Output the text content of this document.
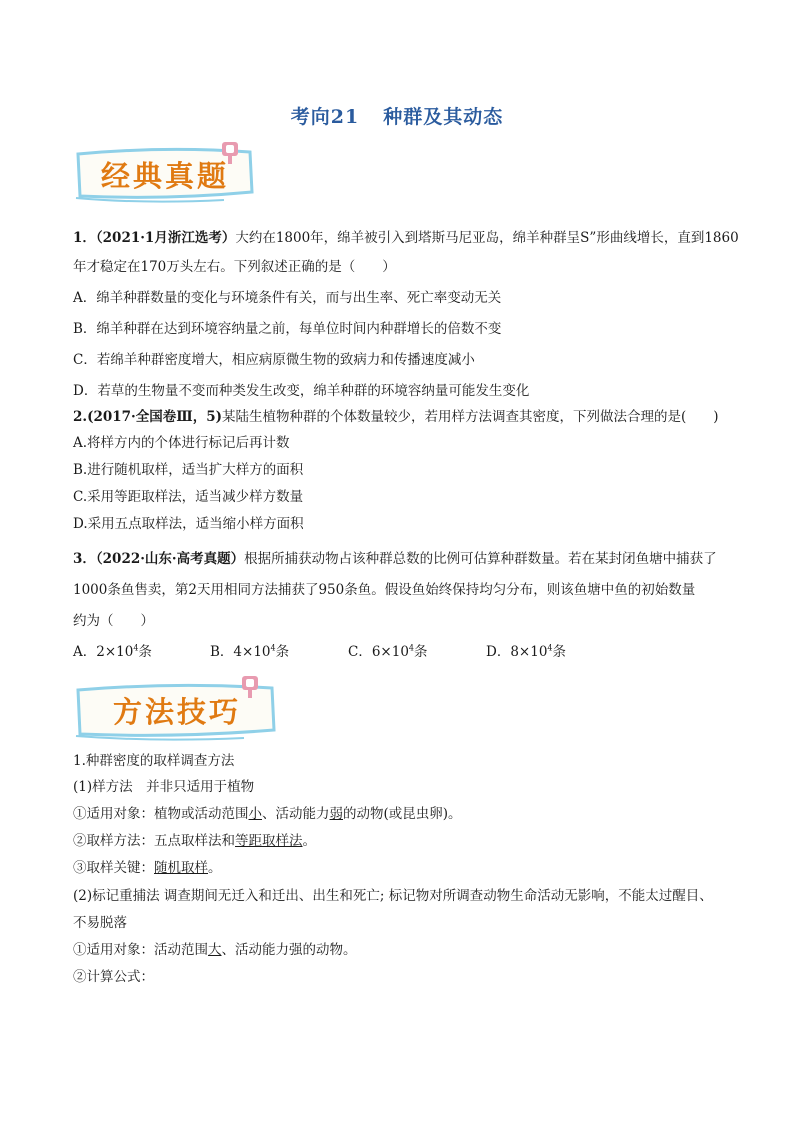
考向21 种群及其动态
经典真题
1．（2021·1月浙江选考）大约在1800年，绵羊被引入到塔斯马尼亚岛，绵羊种群呈S”形曲线增长，直到1860
年才稳定在170万头左右。下列叙述正确的是（　　）
A．绵羊种群数量的变化与环境条件有关，而与出生率、死亡率变动无关
B．绵羊种群在达到环境容纳量之前，每单位时间内种群增长的倍数不变
C．若绵羊种群密度增大，相应病原微生物的致病力和传播速度减小
D．若草的生物量不变而种类发生改变，绵羊种群的环境容纳量可能发生变化
2.(2017·全国卷Ⅲ，5)某陆生植物种群的个体数量较少，若用样方法调查其密度，下列做法合理的是(　　)
A.将样方内的个体进行标记后再计数
B.进行随机取样，适当扩大样方的面积
C.采用等距取样法，适当减少样方数量
D.采用五点取样法，适当缩小样方面积
3．（2022·山东·高考真题）根据所捕获动物占该种群总数的比例可估算种群数量。若在某封闭鱼塘中捕获了
1000条鱼售卖，第2天用相同方法捕获了950条鱼。假设鱼始终保持均匀分布，则该鱼塘中鱼的初始数量
约为（　　）
A．$2\times 10^4$条	B．$4\times 10^4$条	C．$6\times 10^4$条	D．$8\times 10^4$条
方法技巧
1.种群密度的取样调查方法
(1)样方法　并非只适用于植物
①适用对象：植物或活动范围小、活动能力弱的动物(或昆虫卵)。
②取样方法：五点取样法和等距取样法。
③取样关键：随机取样。
(2)标记重捕法 调查期间无迁入和迁出、出生和死亡; 标记物对所调查动物生命活动无影响，不能太过醒目、
不易脱落
①适用对象：活动范围大、活动能力强的动物。
②计算公式：
